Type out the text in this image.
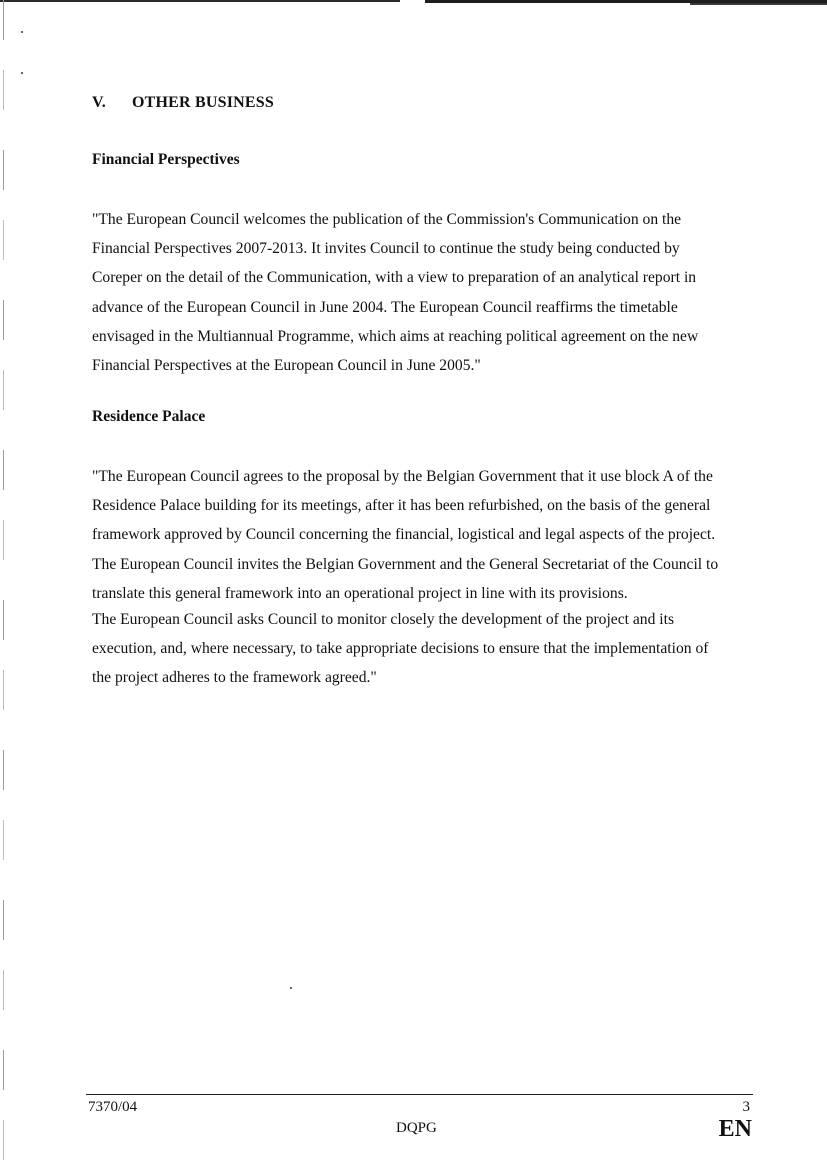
V. OTHER BUSINESS
Financial Perspectives
"The European Council welcomes the publication of the Commission's Communication on the
Financial Perspectives 2007-2013. It invites Council to continue the study being conducted by
Coreper on the detail of the Communication, with a view to preparation of an analytical report in
advance of the European Council in June 2004. The European Council reaffirms the timetable
envisaged in the Multiannual Programme, which aims at reaching political agreement on the new
Financial Perspectives at the European Council in June 2005."
Residence Palace
"The European Council agrees to the proposal by the Belgian Government that it use block A of the
Residence Palace building for its meetings, after it has been refurbished, on the basis of the general
framework approved by Council concerning the financial, logistical and legal aspects of the project.
The European Council invites the Belgian Government and the General Secretariat of the Council to
translate this general framework into an operational project in line with its provisions.
The European Council asks Council to monitor closely the development of the project and its
execution, and, where necessary, to take appropriate decisions to ensure that the implementation of
the project adheres to the framework agreed."
7370/04	3
DQPG	EN
